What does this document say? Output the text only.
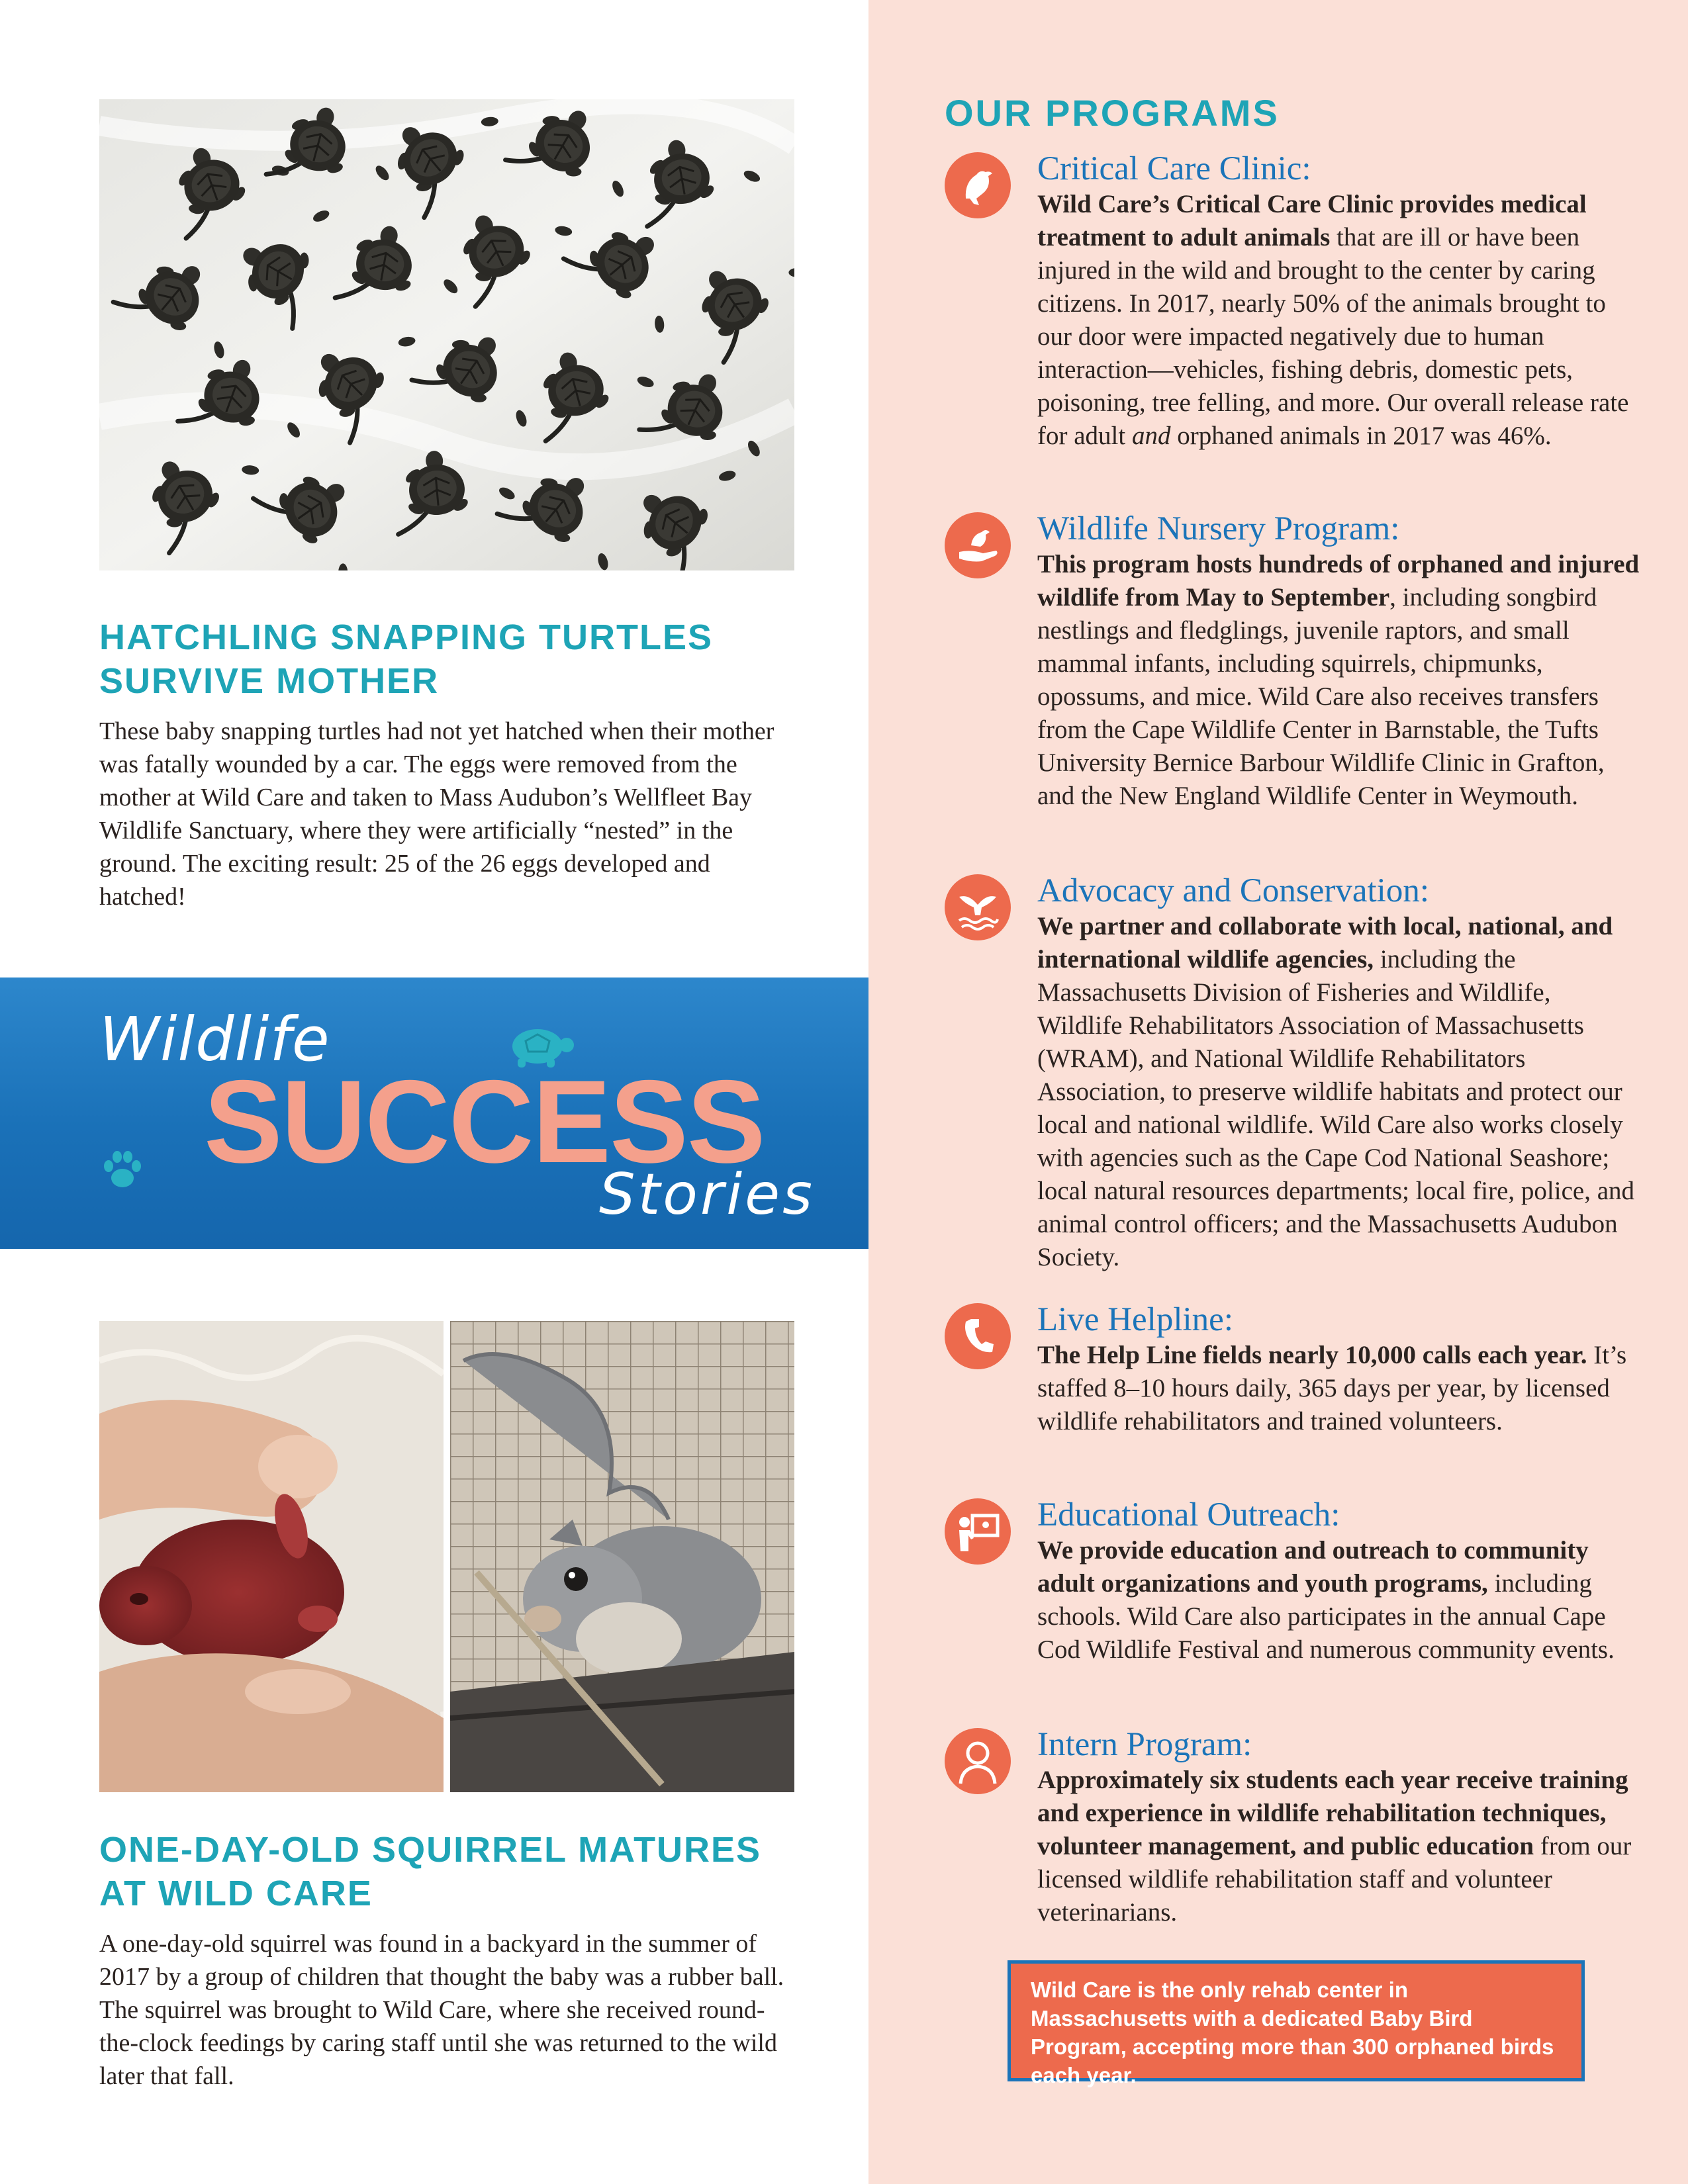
HATCHLING SNAPPING TURTLES SURVIVE MOTHER

These baby snapping turtles had not yet hatched when their mother was fatally wounded by a car. The eggs were removed from the mother at Wild Care and taken to Mass Audubon’s Wellfleet Bay Wildlife Sanctuary, where they were artificially “nested” in the ground. The exciting result: 25 of the 26 eggs developed and hatched!

Wildlife
SUCCESS
Stories
ONE-DAY-OLD SQUIRREL MATURES AT WILD CARE

A one-day-old squirrel was found in a backyard in the summer of 2017 by a group of children that thought the baby was a rubber ball. The squirrel was brought to Wild Care, where she received round-the-clock feedings by caring staff until she was returned to the wild later that fall.

OUR PROGRAMS
Critical Care Clinic:

Wild Care’s Critical Care Clinic provides medical treatment to adult animals that are ill or have been injured in the wild and brought to the center by caring citizens. In 2017, nearly 50% of the animals brought to our door were impacted negatively due to human interaction—vehicles, fishing debris, domestic pets, poisoning, tree felling, and more. Our overall release rate for adult and orphaned animals in 2017 was 46%.

Wildlife Nursery Program:

This program hosts hundreds of orphaned and injured wildlife from May to September, including songbird nestlings and fledglings, juvenile raptors, and small mammal infants, including squirrels, chipmunks, opossums, and mice. Wild Care also receives transfers from the Cape Wildlife Center in Barnstable, the Tufts University Bernice Barbour Wildlife Clinic in Grafton, and the New England Wildlife Center in Weymouth.

Advocacy and Conservation:

We partner and collaborate with local, national, and international wildlife agencies, including the Massachusetts Division of Fisheries and Wildlife, Wildlife Rehabilitators Association of Massachusetts (WRAM), and National Wildlife Rehabilitators Association, to preserve wildlife habitats and protect our local and national wildlife. Wild Care also works closely with agencies such as the Cape Cod National Seashore; local natural resources departments; local fire, police, and animal control officers; and the Massachusetts Audubon Society.

Live Helpline:

The Help Line fields nearly 10,000 calls each year. It’s staffed 8–10 hours daily, 365 days per year, by licensed wildlife rehabilitators and trained volunteers.

Educational Outreach:

We provide education and outreach to community adult organizations and youth programs, including schools. Wild Care also participates in the annual Cape Cod Wildlife Festival and numerous community events.

Intern Program:

Approximately six students each year receive training and experience in wildlife rehabilitation techniques, volunteer management, and public education from our licensed wildlife rehabilitation staff and volunteer veterinarians.

Wild Care is the only rehab center in Massachusetts with a dedicated Baby Bird Program, accepting more than 300 orphaned birds each year.
